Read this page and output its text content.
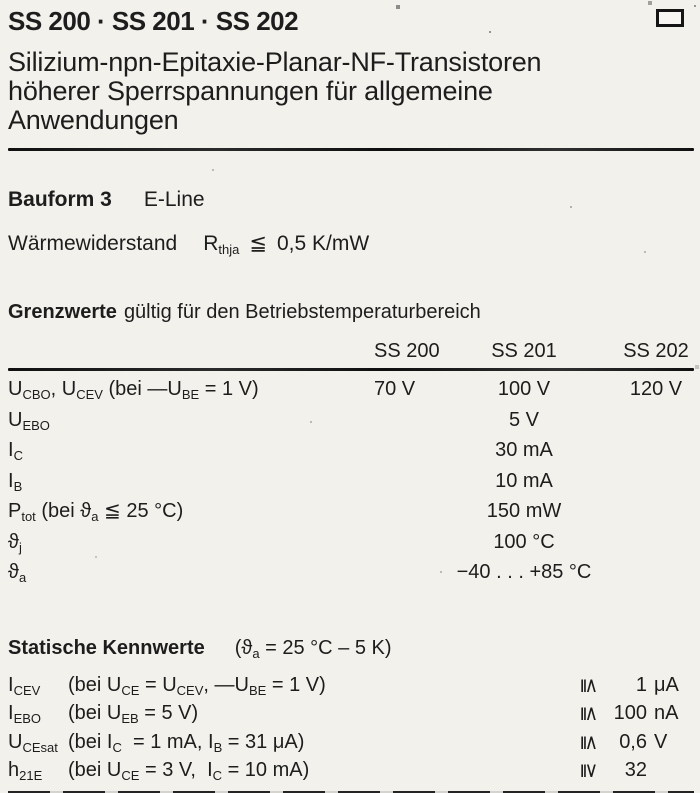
SS 200 · SS 201 · SS 202
Silizium-npn-Epitaxie-Planar-NF-Transistoren
höherer Sperrspannungen für allgemeine
Anwendungen
Bauform 3 E-Line
Wärmewiderstand $R_{thja}$ ≦ 0,5 K/mW
Grenzwerte gültig für den Betriebstemperaturbereich
SS 200	SS 201	SS 202
$U_{CBO}$, $U_{CEV}$ (bei $—U_{BE} = 1$ V)	70 V	100 V	120 V
$U_{EBO}$	5 V
$I_C$	30 mA
$I_B$	10 mA
$P_{tot}$ (bei $ϑ_a$ ≦ 25 °C)	150 mW
$ϑ_j$	100 °C
$ϑ_a$	−40 . . . +85 °C
Statische Kennwerte ($ϑ_a = 25$ °C – 5 K)
$I_{CEV}$	(bei $U_{CE} = U_{CEV}$, $—U_{BE} = 1$ V)	≦	1 μA
$I_{EBO}$	(bei $U_{EB} = 5$ V)	≦ 100 nA
$U_{CEsat}$ (bei $I_C = 1$ mA, $I_B = 31$ μA)	≦ 0,6 V
$h_{21E}$	(bei $U_{CE} = 3$ V,  $I_C = 10$ mA)	≧	32
